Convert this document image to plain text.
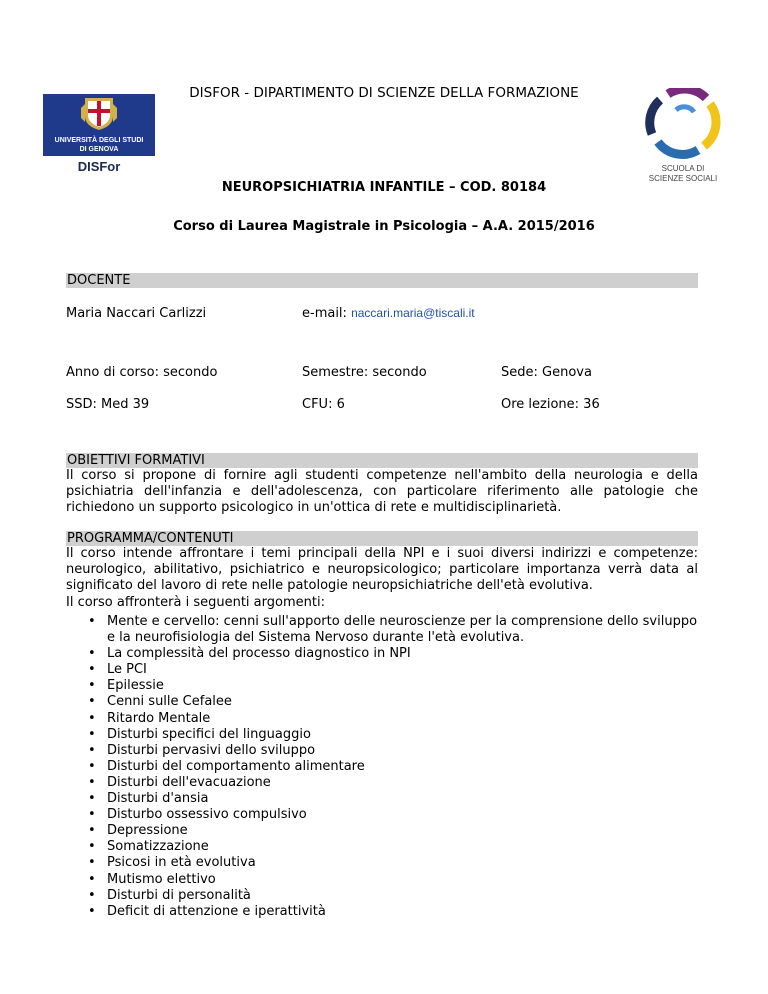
DISFOR - DIPARTIMENTO DI SCIENZE DELLA FORMAZIONE
UNIVERSITÀ DEGLI STUDI
DI GENOVA
DISFor	SCUOLA DI
SCIENZE SOCIALI
NEUROPSICHIATRIA INFANTILE – COD. 80184
Corso di Laurea Magistrale in Psicologia – A.A. 2015/2016
DOCENTE
Maria Naccari Carlizzi	e-mail: naccari.maria@tiscali.it
Anno di corso: secondo	Semestre: secondo	Sede: Genova
SSD: Med 39	CFU: 6	Ore lezione: 36
OBIETTIVI FORMATIVI
Il corso si propone di fornire agli studenti competenze nell'ambito della neurologia e della psichiatria dell'infanzia e dell'adolescenza, con particolare riferimento alle patologie che richiedono un supporto psicologico in un'ottica di rete e multidisciplinarietà.
PROGRAMMA/CONTENUTI
Il corso intende affrontare i temi principali della NPI e i suoi diversi indirizzi e competenze: neurologico, abilitativo, psichiatrico e neuropsicologico; particolare importanza verrà data al significato del lavoro di rete nelle patologie neuropsichiatriche dell'età evolutiva.
Il corso affronterà i seguenti argomenti:
• Mente e cervello: cenni sull'apporto delle neuroscienze per la comprensione dello sviluppo e la neurofisiologia del Sistema Nervoso durante l'età evolutiva.
• La complessità del processo diagnostico in NPI
• Le PCI
• Epilessie
• Cenni sulle Cefalee
• Ritardo Mentale
• Disturbi specifici del linguaggio
• Disturbi pervasivi dello sviluppo
• Disturbi del comportamento alimentare
• Disturbi dell'evacuazione
• Disturbi d'ansia
• Disturbo ossessivo compulsivo
• Depressione
• Somatizzazione
• Psicosi in età evolutiva
• Mutismo elettivo
• Disturbi di personalità
• Deficit di attenzione e iperattività
